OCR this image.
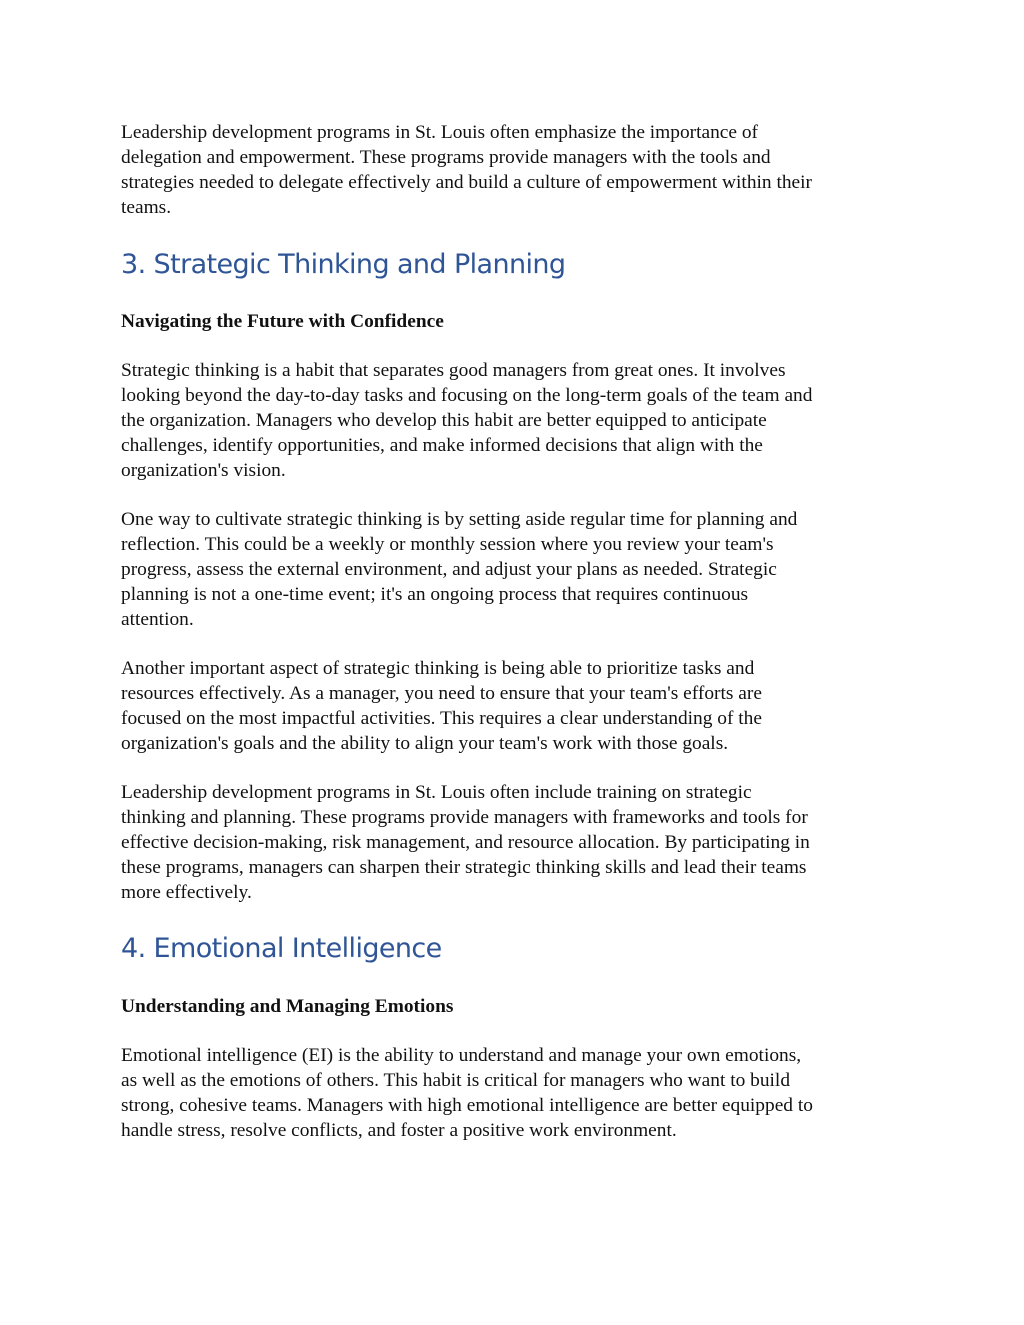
Leadership development programs in St. Louis often emphasize the importance of
delegation and empowerment. These programs provide managers with the tools and
strategies needed to delegate effectively and build a culture of empowerment within their
teams.

3. Strategic Thinking and Planning

Navigating the Future with Confidence

Strategic thinking is a habit that separates good managers from great ones. It involves
looking beyond the day-to-day tasks and focusing on the long-term goals of the team and
the organization. Managers who develop this habit are better equipped to anticipate
challenges, identify opportunities, and make informed decisions that align with the
organization's vision.

One way to cultivate strategic thinking is by setting aside regular time for planning and
reflection. This could be a weekly or monthly session where you review your team's
progress, assess the external environment, and adjust your plans as needed. Strategic
planning is not a one-time event; it's an ongoing process that requires continuous
attention.

Another important aspect of strategic thinking is being able to prioritize tasks and
resources effectively. As a manager, you need to ensure that your team's efforts are
focused on the most impactful activities. This requires a clear understanding of the
organization's goals and the ability to align your team's work with those goals.

Leadership development programs in St. Louis often include training on strategic
thinking and planning. These programs provide managers with frameworks and tools for
effective decision-making, risk management, and resource allocation. By participating in
these programs, managers can sharpen their strategic thinking skills and lead their teams
more effectively.

4. Emotional Intelligence

Understanding and Managing Emotions

Emotional intelligence (EI) is the ability to understand and manage your own emotions,
as well as the emotions of others. This habit is critical for managers who want to build
strong, cohesive teams. Managers with high emotional intelligence are better equipped to
handle stress, resolve conflicts, and foster a positive work environment.
